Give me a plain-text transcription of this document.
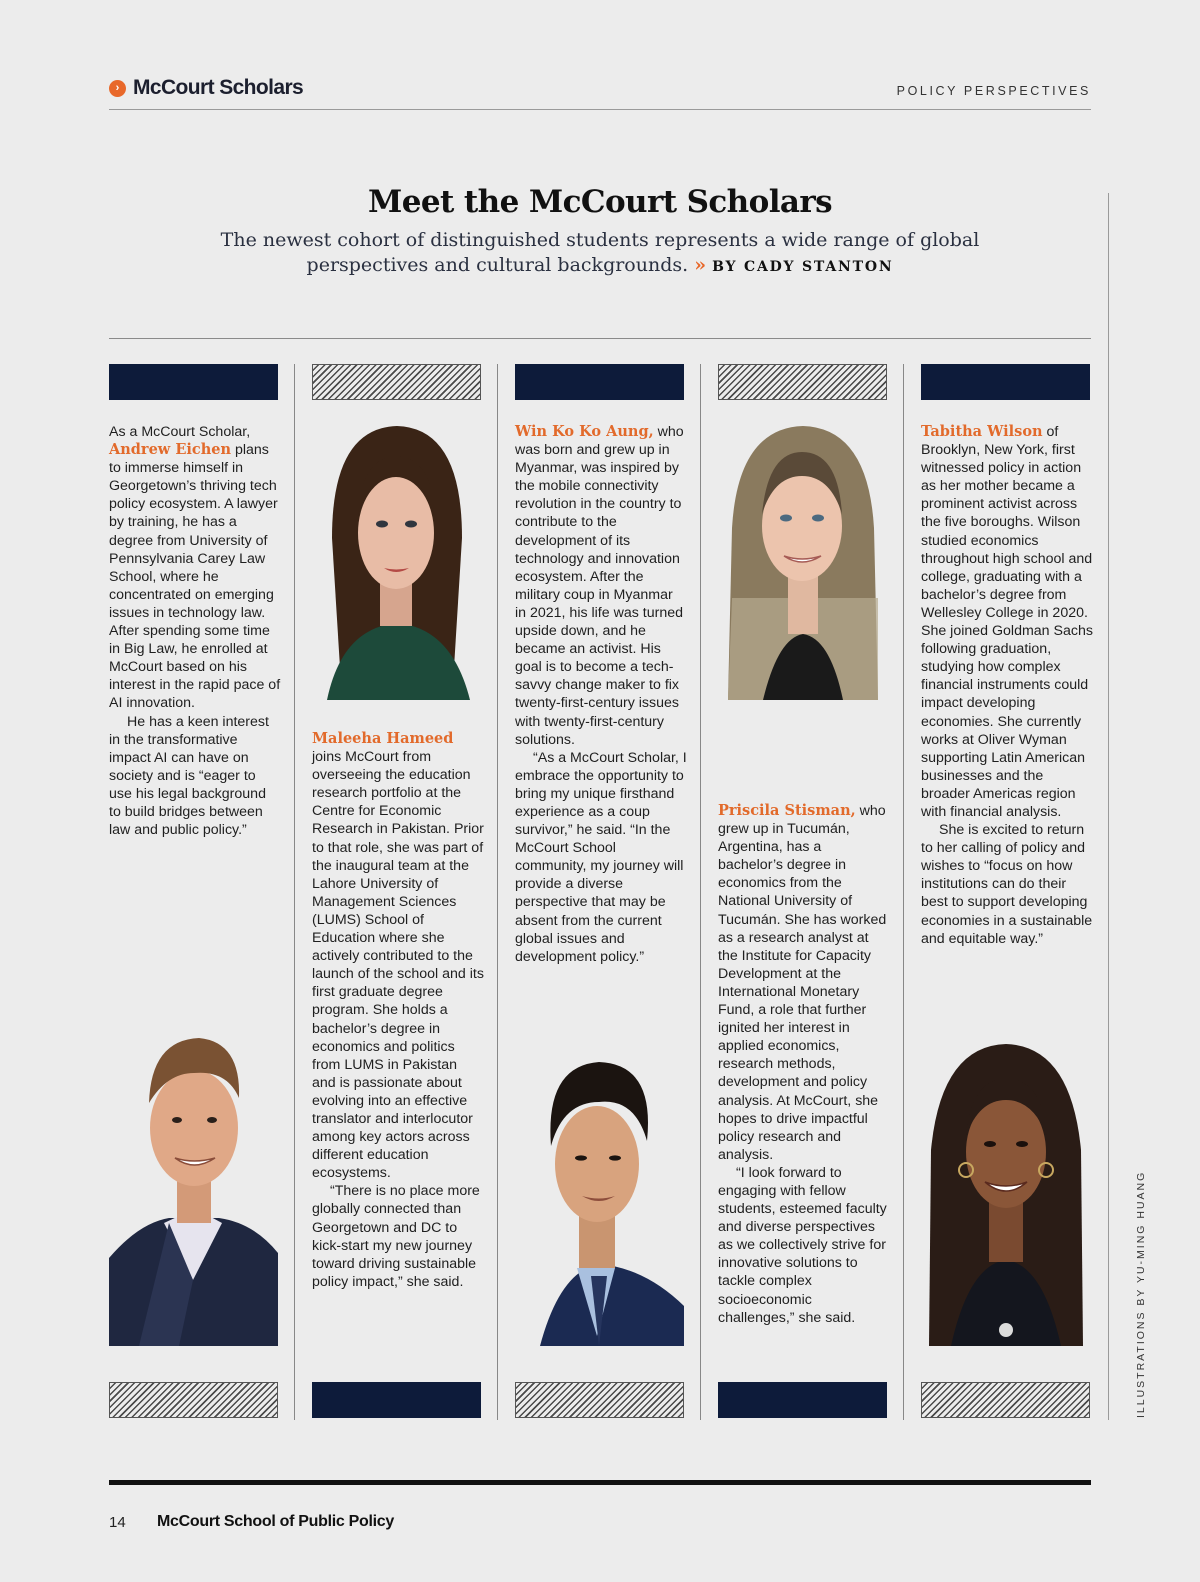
› McCourt Scholars	POLICY PERSPECTIVES
Meet the McCourt Scholars
The newest cohort of distinguished students represents a wide range of global perspectives and cultural backgrounds. » BY CADY STANTON

As a McCourt Scholar, Andrew Eichen plans to immerse himself in Georgetown’s thriving tech policy ecosystem. A lawyer by training, he has a degree from University of Pennsylvania Carey Law School, where he concentrated on emerging issues in technology law. After spending some time in Big Law, he enrolled at McCourt based on his interest in the rapid pace of AI innovation.

He has a keen interest in the transformative impact AI can have on society and is “eager to use his legal background to build bridges between law and public policy.”

Maleeha Hameed joins McCourt from overseeing the education research portfolio at the Centre for Economic Research in Pakistan. Prior to that role, she was part of the inaugural team at the Lahore University of Management Sciences (LUMS) School of Education where she actively contributed to the launch of the school and its first graduate degree program. She holds a bachelor’s degree in economics and politics from LUMS in Pakistan and is passionate about evolving into an effective translator and interlocutor among key actors across different education ecosystems.

“There is no place more globally connected than Georgetown and DC to kick-start my new journey toward driving sustainable policy impact,” she said.

Win Ko Ko Aung, who was born and grew up in Myanmar, was inspired by the mobile connectivity revolution in the country to contribute to the development of its technology and innovation ecosystem. After the military coup in Myanmar in 2021, his life was turned upside down, and he became an activist. His goal is to become a tech-savvy change maker to fix twenty-first-century issues with twenty-first-century solutions.

“As a McCourt Scholar, I embrace the opportunity to bring my unique firsthand experience as a coup survivor,” he said. “In the McCourt School community, my journey will provide a diverse perspective that may be absent from the current global issues and development policy.”

Priscila Stisman, who grew up in Tucumán, Argentina, has a bachelor’s degree in economics from the National University of Tucumán. She has worked as a research analyst at the Institute for Capacity Development at the International Monetary Fund, a role that further ignited her interest in applied economics, research methods, development and policy analysis. At McCourt, she hopes to drive impactful policy research and analysis.

“I look forward to engaging with fellow students, esteemed faculty and diverse perspectives as we collectively strive for innovative solutions to tackle complex socioeconomic challenges,” she said.

Tabitha Wilson of Brooklyn, New York, first witnessed policy in action as her mother became a prominent activist across the five boroughs. Wilson studied economics throughout high school and college, graduating with a bachelor’s degree from Wellesley College in 2020. She joined Goldman Sachs following graduation, studying how complex financial instruments could impact developing economies. She currently works at Oliver Wyman supporting Latin American businesses and the broader Americas region with financial analysis.

She is excited to return to her calling of policy and wishes to “focus on how institutions can do their best to support developing economies in a sustainable and equitable way.”

ILLUSTRATIONS BY YU-MING HUANG
14 McCourt School of Public Policy
